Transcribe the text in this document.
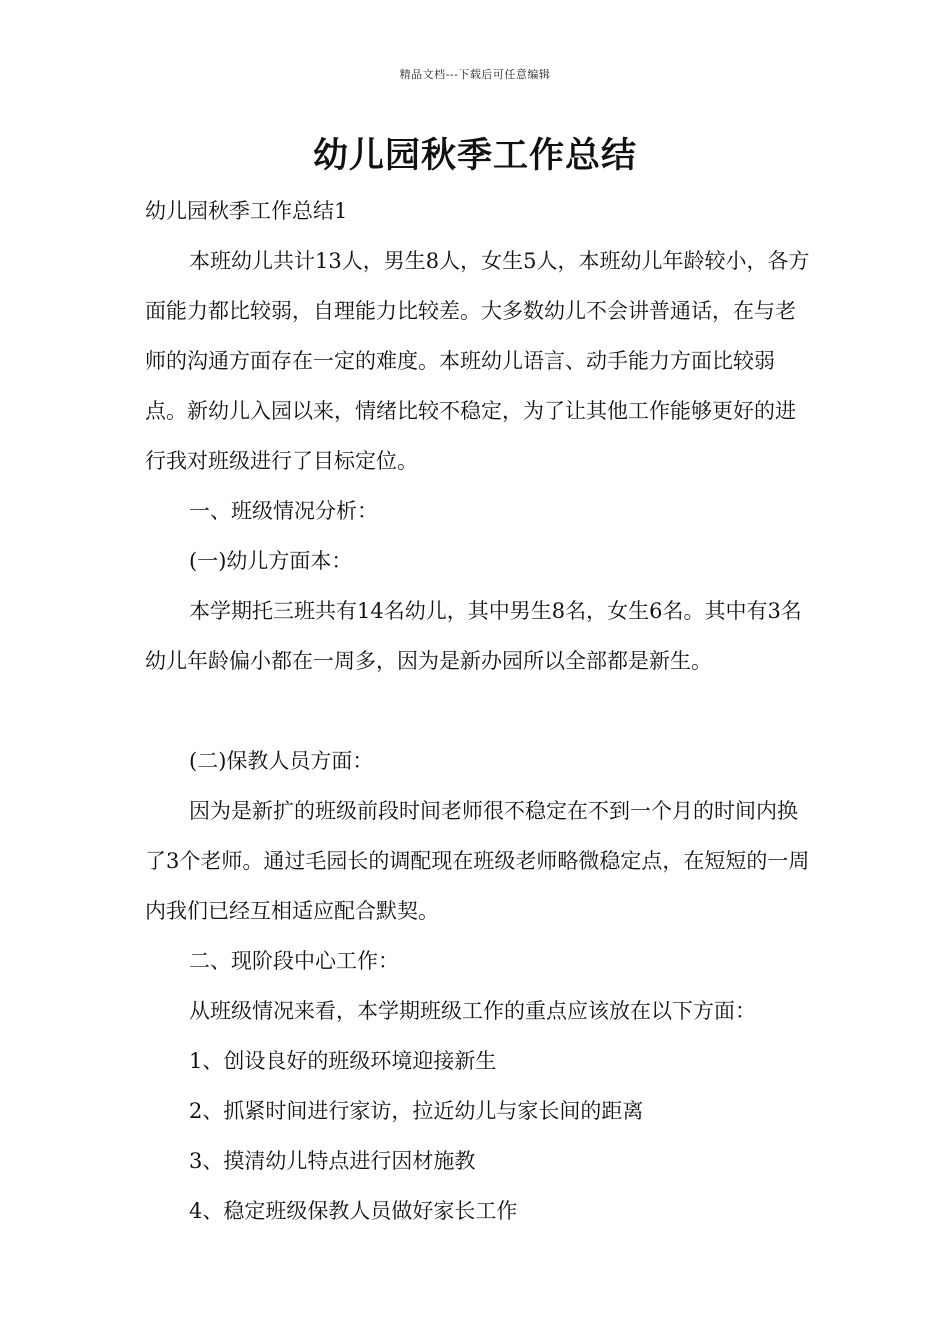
精品文档---下载后可任意编辑
幼儿园秋季工作总结

幼儿园秋季工作总结1

本班幼儿共计13人，男生8人，女生5人，本班幼儿年龄较小，各方面能力都比较弱，自理能力比较差。大多数幼儿不会讲普通话，在与老师的沟通方面存在一定的难度。本班幼儿语言、动手能力方面比较弱点。新幼儿入园以来，情绪比较不稳定，为了让其他工作能够更好的进行我对班级进行了目标定位。

一、班级情况分析：

(一)幼儿方面本：

本学期托三班共有14名幼儿，其中男生8名，女生6名。其中有3名幼儿年龄偏小都在一周多，因为是新办园所以全部都是新生。

(二)保教人员方面：

因为是新扩的班级前段时间老师很不稳定在不到一个月的时间内换了3个老师。通过毛园长的调配现在班级老师略微稳定点，在短短的一周内我们已经互相适应配合默契。

二、现阶段中心工作：

从班级情况来看，本学期班级工作的重点应该放在以下方面：

1、创设良好的班级环境迎接新生

2、抓紧时间进行家访，拉近幼儿与家长间的距离

3、摸清幼儿特点进行因材施教

4、稳定班级保教人员做好家长工作
